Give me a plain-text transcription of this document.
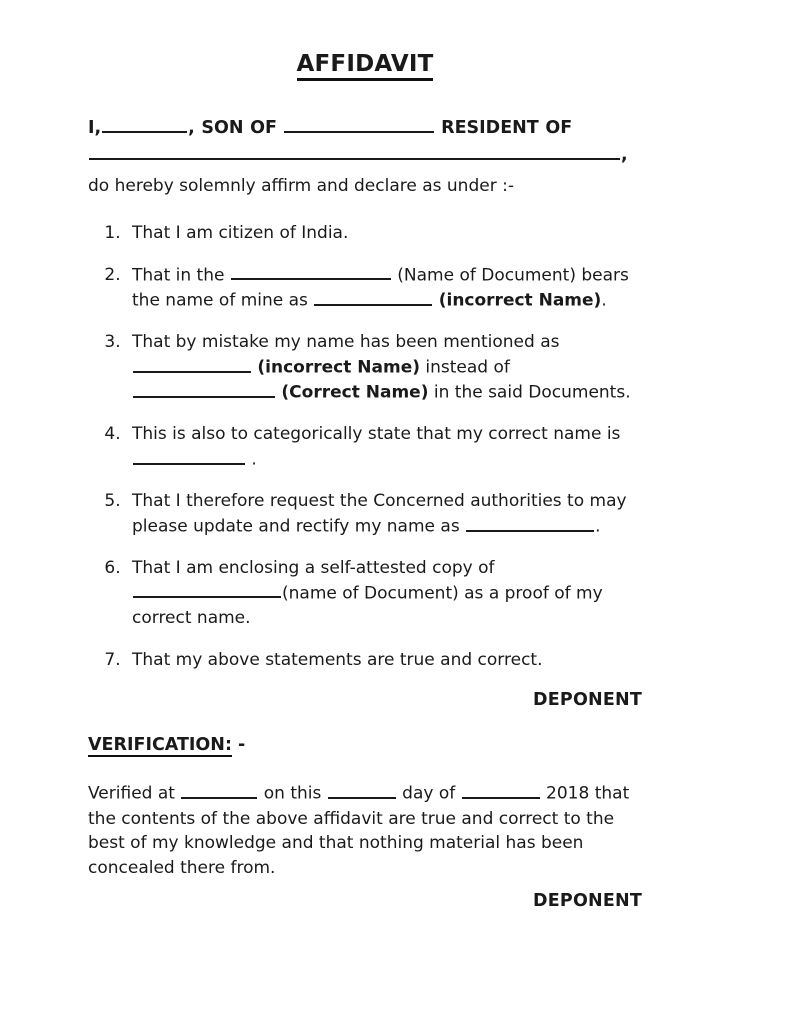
AFFIDAVIT

I,	, SON OF	RESIDENT OF
,

do hereby solemnly affirm and declare as under :-

1. That I am citizen of India.
2. That in the	(Name of Document) bears the name of mine as	(incorrect Name).
3. That by mistake my name has been mentioned as
(incorrect Name) instead of
(Correct Name) in the said Documents.
4. This is also to categorically state that my correct name is
.
5. That I therefore request the Concerned authorities to may please update and rectify my name as	.
6. That I am enclosing a self-attested copy of
(name of Document) as a proof of my correct name.
7. That my above statements are true and correct.

DEPONENT

VERIFICATION: -

Verified at	on this	day of	2018 that the contents of the above affidavit are true and correct to the best of my knowledge and that nothing material has been concealed there from.

DEPONENT
